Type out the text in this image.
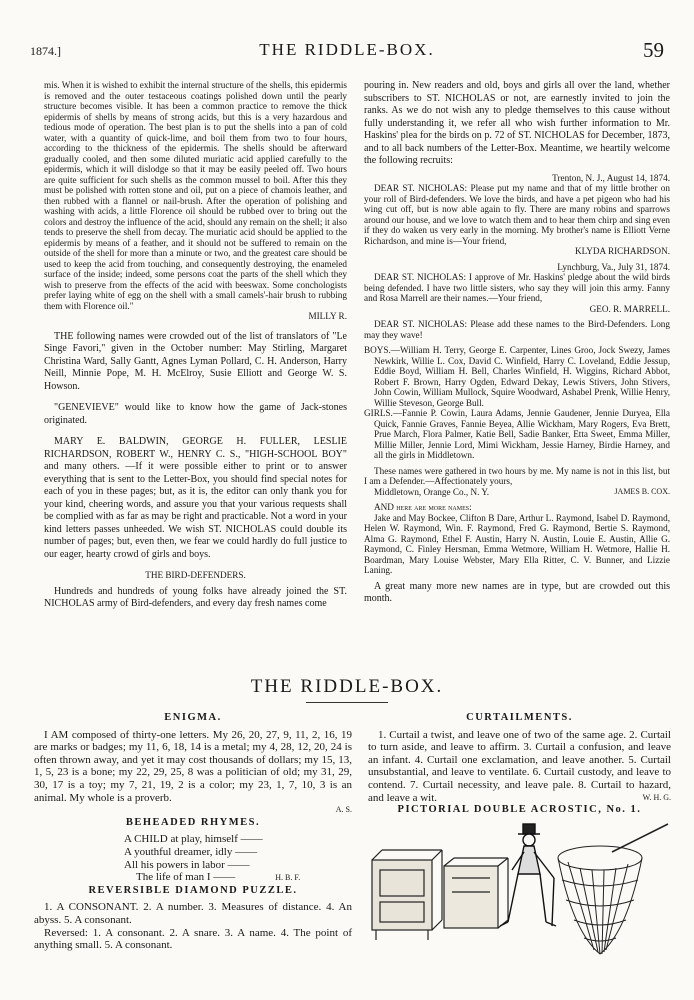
1874.]	THE RIDDLE-BOX.	59

mis. When it is wished to exhibit the internal structure of the shells, this epidermis is removed and the outer testaceous coatings polished down until the pearly structure becomes visible. It has been a common practice to remove the thick epidermis of shells by means of strong acids, but this is a very hazardous and tedious mode of operation. The best plan is to put the shells into a pan of cold water, with a quantity of quick-lime, and boil them from two to four hours, according to the thickness of the epidermis. The shells should be afterward gradually cooled, and then some diluted muriatic acid applied carefully to the epidermis, which it will dislodge so that it may be easily peeled off. Two hours are quite sufficient for such shells as the common mussel to boil. After this they must be polished with rotten stone and oil, put on a piece of chamois leather, and then rubbed with a flannel or nail-brush. After the operation of polishing and washing with acids, a little Florence oil should be rubbed over to bring out the colors and destroy the influence of the acid, should any remain on the shell; it also tends to preserve the shell from decay. The muriatic acid should be applied to the epidermis by means of a feather, and it should not be suffered to remain on the outside of the shell for more than a minute or two, and the greatest care should be used to keep the acid from touching, and consequently destroying, the enameled surface of the inside; indeed, some persons coat the parts of the shell which they wish to preserve from the effects of the acid with beeswax. Some conchologists prefer laying white of egg on the shell with a small camels'-hair brush to rubbing them with Florence oil."

MILLY R.

THE following names were crowded out of the list of translators of "Le Singe Favori," given in the October number: May Stirling, Margaret Christina Ward, Sally Gantt, Agnes Lyman Pollard, C. H. Anderson, Harry Neill, Minnie Pope, M. H. McElroy, Susie Elliott and George W. S. Howson.

"GENEVIEVE" would like to know how the game of Jack-stones originated.

MARY E. BALDWIN, GEORGE H. FULLER, LESLIE RICHARDSON, ROBERT W., HENRY C. S., "HIGH-SCHOOL BOY" and many others. —If it were possible either to print or to answer everything that is sent to the Letter-Box, you should find special notes for each of you in these pages; but, as it is, the editor can only thank you for your kind, cheering words, and assure you that your various requests shall be complied with as far as may be right and practicable. Not a word in your kind letters passes unheeded. We wish ST. NICHOLAS could double its number of pages; but, even then, we fear we could hardly do full justice to our eager, hearty crowd of girls and boys.

THE BIRD-DEFENDERS.

Hundreds and hundreds of young folks have already joined the ST. NICHOLAS army of Bird-defenders, and every day fresh names come

pouring in. New readers and old, boys and girls all over the land, whether subscribers to ST. NICHOLAS or not, are earnestly invited to join the ranks. As we do not wish any to pledge themselves to this cause without fully understanding it, we refer all who wish further information to Mr. Haskins' plea for the birds on p. 72 of ST. NICHOLAS for December, 1873, and to all back numbers of the Letter-Box. Meantime, we heartily welcome the following recruits:

Trenton, N. J., August 14, 1874.

DEAR ST. NICHOLAS: Please put my name and that of my little brother on your roll of Bird-defenders. We love the birds, and have a pet pigeon who had his wing cut off, but is now able again to fly. There are many robins and sparrows around our house, and we love to watch them and to hear them chirp and sing even if they do waken us very early in the morning. My brother's name is Elliott Verne Richardson, and mine is—Your friend,

KLYDA RICHARDSON.

Lynchburg, Va., July 31, 1874.

DEAR ST. NICHOLAS: I approve of Mr. Haskins' pledge about the wild birds being defended. I have two little sisters, who say they will join this army. Fanny and Rosa Marrell are their names.—Your friend,

GEO. R. MARRELL.

DEAR ST. NICHOLAS: Please add these names to the Bird-Defenders. Long may they wave!

BOYS.—William H. Terry, George E. Carpenter, Lines Groo, Jock Swezy, James Newkirk, Willie L. Cox, David C. Winfield, Harry C. Loveland, Eddie Jessup, Eddie Boyd, William H. Bell, Charles Winfield, H. Wiggins, Richard Abbot, Robert F. Brown, Harry Ogden, Edward Dekay, Lewis Stivers, John Stivers, John Cowin, William Mullock, Squire Woodward, Ashabel Prenk, Willie Henry, Willie Steveson, George Bull.

GIRLS.—Fannie P. Cowin, Laura Adams, Jennie Gaudener, Jennie Duryea, Ella Quick, Fannie Graves, Fannie Beyea, Allie Wickham, Mary Rogers, Eva Brett, Prue March, Flora Palmer, Katie Bell, Sadie Banker, Etta Sweet, Emma Miller, Millie Miller, Jennie Lord, Mimi Wickham, Jessie Harney, Birdie Harney, and all the girls in Middletown.

These names were gathered in two hours by me. My name is not in this list, but I am a Defender.—Affectionately yours,

Middletown, Orange Co., N. Y.	JAMES B. COX.

AND here are more names:

Jake and May Bockee, Clifton B Dare, Arthur L. Raymond, Isabel D. Raymond, Helen W. Raymond, Win. F. Raymond, Fred G. Raymond, Bertie S. Raymond, Alma G. Raymond, Ethel F. Austin, Harry N. Austin, Louie E. Austin, Allie G. Raymond, C. Finley Hersman, Emma Wetmore, William H. Wetmore, Hallie H. Boardman, Mary Louise Webster, Mary Ella Ritter, C. V. Bunner, and Lizzie Laning.

A great many more new names are in type, but are crowded out this month.

THE RIDDLE-BOX.

ENIGMA.

I AM composed of thirty-one letters. My 26, 20, 27, 9, 11, 2, 16, 19 are marks or badges; my 11, 6, 18, 14 is a metal; my 4, 28, 12, 20, 24 is often thrown away, and yet it may cost thousands of dollars; my 15, 13, 1, 5, 23 is a bone; my 22, 29, 25, 8 was a politician of old; my 31, 29, 30, 17 is a toy; my 7, 21, 19, 2 is a color; my 23, 1, 7, 10, 3 is an animal. My whole is a proverb.

A. S.

BEHEADED RHYMES.

A CHILD at play, himself ——
A youthful dreamer, idly ——
All his powers in labor ——
The life of man I ——	H. B. F.

REVERSIBLE DIAMOND PUZZLE.

1. A CONSONANT. 2. A number. 3. Measures of distance. 4. An abyss. 5. A consonant.

Reversed: 1. A consonant. 2. A snare. 3. A name. 4. The point of anything small. 5. A consonant.

CURTAILMENTS.

1. Curtail a twist, and leave one of two of the same age. 2. Curtail to turn aside, and leave to affirm. 3. Curtail a confusion, and leave an infant. 4. Curtail one exclamation, and leave another. 5. Curtail unsubstantial, and leave to ventilate. 6. Curtail custody, and leave to contend. 7. Curtail necessity, and leave pale. 8. Curtail to hazard, and leave a wit.	W. H. G.

PICTORIAL DOUBLE ACROSTIC, No. 1.
